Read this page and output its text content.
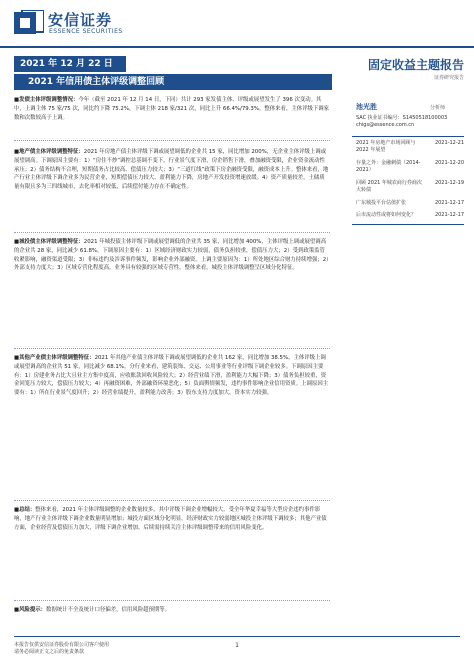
安信证券
ESSENCE SECURITIES
2021 年 12 月 22 日
2021 年信用债主体评级调整回顾
固定收益主题报告
证券研究报告
■发债主体评级调整情况：今年（截至 2021 年 12 月 14 日，下同）共计 293 家发债主体、评级或展望发生了 396 次变动。其中，上调主体 75 家/75 次，同比约下降 75.2%，下调主体 218 家/321 次，同比上升 66.4%/79.3%。整体来看，主体评级下调家数和次数较高于上调。
■地产债主体评级调整特征：2021 年房地产债主体评级下调或展望调低的企业共 15 家，同比增加 200%，无企业主体评级上调或展望调高。下调原因主要有：1）“房住不炒”调控总基调不变下，行业景气度下滑，房企销售下滑，叠加融资受限，企业资金流动性承压；2）债务结构不合理，短期债务占比较高、偿债压力较大；3）“三道红线”政策下房企融资受限，融资成本上升。整体来看，地产行业主体评级下调企业多为民营企业，短期偿债压力较大、盈利能力下降，房地产开发投资增速放缓。4）资产质量较差，土储质量有限且多为三四线城市，去化率相对较低，后续偿付能力存在不确定性。
■城投债主体评级调整特征：2021 年城投债主体评级下调或展望调低的企业共 35 家，同比增加 400%，主体评级上调或展望调高的企业共 28 家，同比减少 61.8%。下调原因主要有：1）区域经济财政实力较弱，债务负担较重，偿债压力大；2）受到政策监管收紧影响，融资渠道受限；3）非标违约及涉诉事件频发，影响企业外部融资。上调主要原因为：1）所处地区综合财力持续增强；2）外部支持力度大；3）区域专营化程度高，业务具有较强的区域专营性。整体来看，城投主体评级调整呈区域分化特征。
■其他产业债主体评级调整特征：2021 年其他产业债主体评级下调或展望调低的企业共 162 家，同比增加 38.5%，主体评级上调或展望调高的企业共 51 家，同比减少 68.1%。分行业来看，建筑装饰、交运、公用事业等行业评级下调企业较多。下调原因主要有：1）房建业务占比大且业主方集中度高，应收账款回收风险较大；2）经营业绩下滑，盈利能力大幅下降；3）债务负担较重，资金回笼压力较大，偿债压力较大；4）再融资困难，外部融资环境恶化；5）负面舆情频发，违约事件影响企业信用资质。上调原因主要有：1）所在行业景气度回升；2）经营业绩提升，盈利能力改善；3）股东支持力度加大，资本实力较强。
■总结：整体来看，2021 年主体评级调整的企业数量较多，其中评级下调企业增幅较大。受全年华夏幸福等大型房企违约事件影响，地产行业主体评级下调企业数量明显增加；城投方面区域分化明显，经济财政实力较弱地区城投主体评级下调较多；其他产业债方面，企业经营及偿债压力加大，评级下调企业增加。后续需持续关注主体评级调整带来的信用风险变化。
■风险提示：数据统计不全及统计口径偏差，信用风险超预期等。
池光胜	分析师
SAC 执业证书编号：S1450518100003
chigs@essence.com.cn
2021 年房地产市场回顾与 2022 年展望
2021-12-21
存量之外：金融刺债（2014-2021）
2021-12-20
回顾 2021 年城农商行券商次大转债
2021-12-19
广东城投平台估值扩张	2021-12-17
后市流动性或将如何变化？	2021-12-17
本报告仅供安信证券股份有限公司客户使用
请务必阅读正文之后的免责条款
1
